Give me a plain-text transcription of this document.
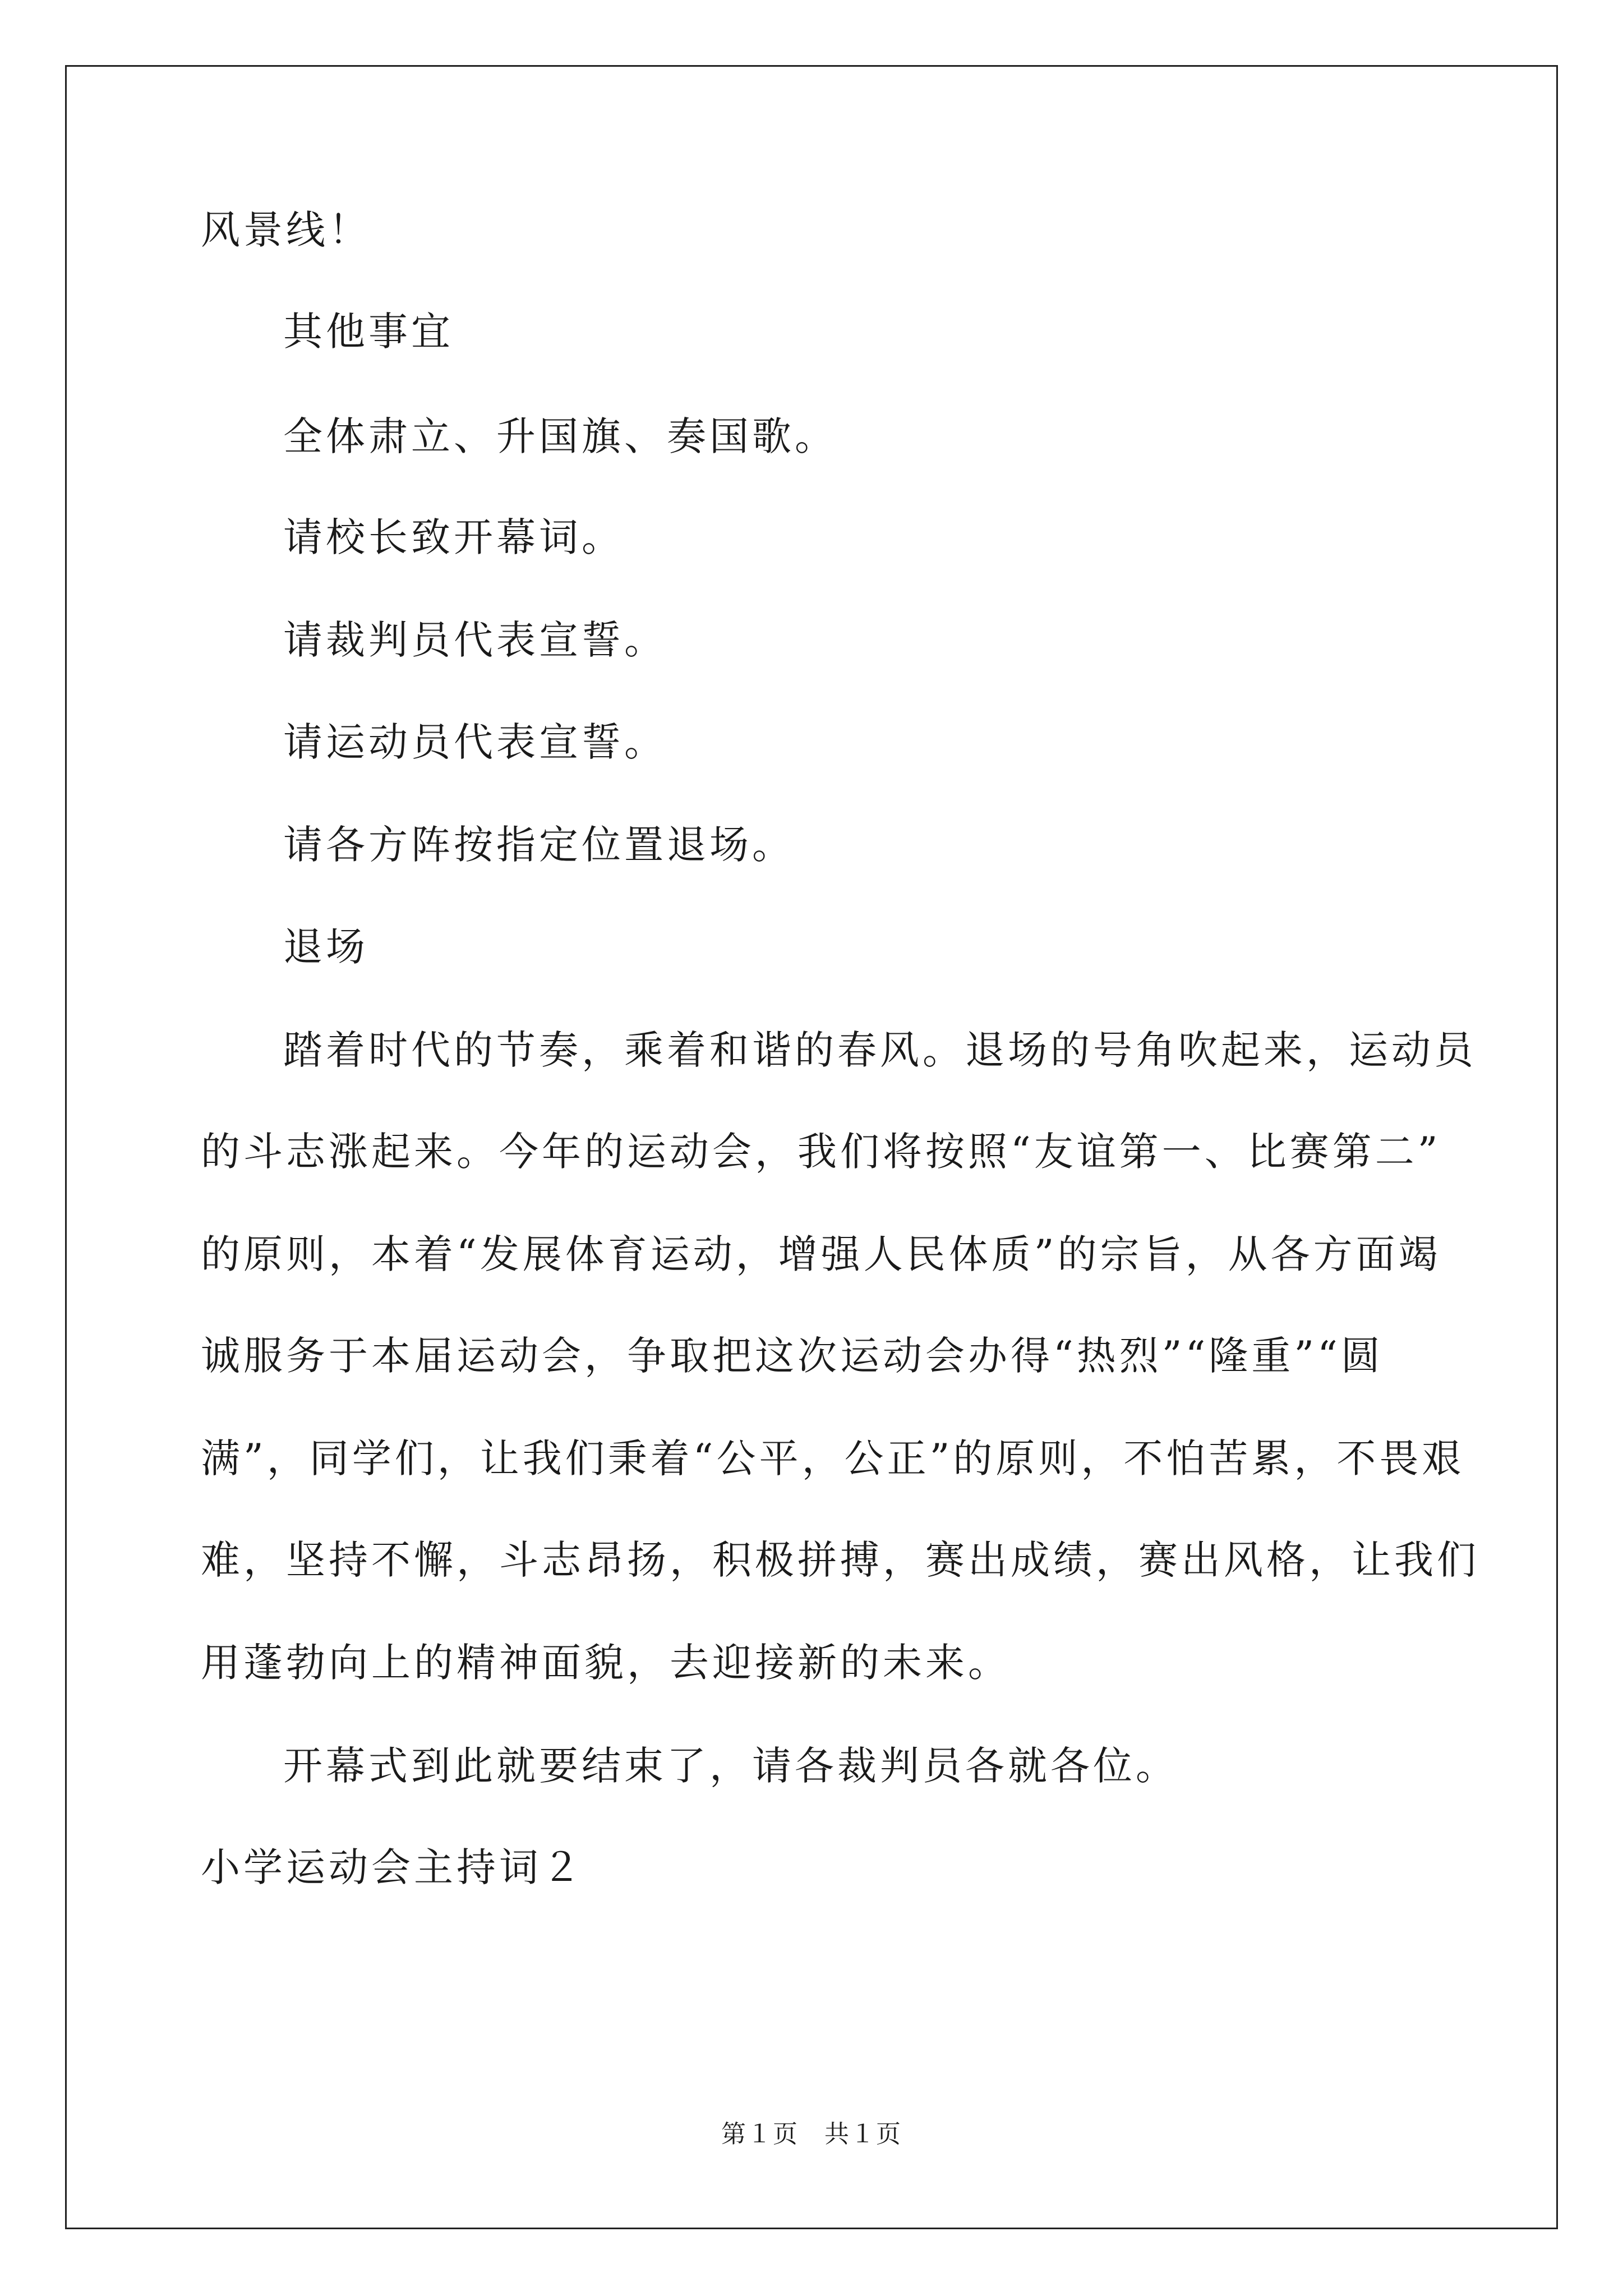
风景线！
其他事宜
全体肃立、升国旗、奏国歌。
请校长致开幕词。
请裁判员代表宣誓。
请运动员代表宣誓。
请各方阵按指定位置退场。
退场
踏着时代的节奏，乘着和谐的春风。退场的号角吹起来，运动员
的斗志涨起来。今年的运动会，我们将按照“友谊第一、比赛第二”
的原则，本着“发展体育运动，增强人民体质”的宗旨，从各方面竭
诚服务于本届运动会，争取把这次运动会办得“热烈”“隆重”“圆
满”，同学们，让我们秉着“公平，公正”的原则，不怕苦累，不畏艰
难，坚持不懈，斗志昂扬，积极拼搏，赛出成绩，赛出风格，让我们
用蓬勃向上的精神面貌，去迎接新的未来。
开幕式到此就要结束了，请各裁判员各就各位。
小学运动会主持词２
第１页　共１页
